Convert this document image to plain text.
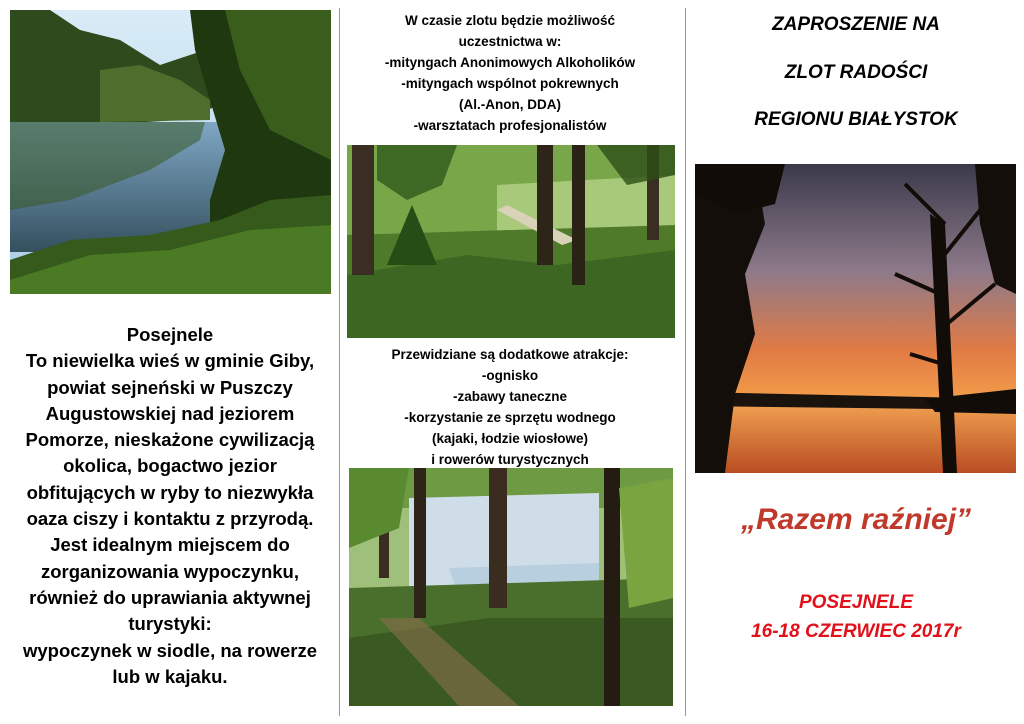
Posejnele
To niewielka wieś w gminie Giby,
powiat sejneński w Puszczy
Augustowskiej nad jeziorem
Pomorze, nieskażone cywilizacją
okolica, bogactwo jezior
obfitujących w ryby to niezwykła
oaza ciszy i kontaktu z przyrodą.
Jest idealnym miejscem do
zorganizowania wypoczynku,
również do uprawiania aktywnej
turystyki:
wypoczynek w siodle, na rowerze
lub w kajaku.
W czasie zlotu będzie możliwość
uczestnictwa w:
-mityngach Anonimowych Alkoholików
-mityngach wspólnot pokrewnych
(Al.-Anon, DDA)
-warsztatach profesjonalistów
Przewidziane są dodatkowe atrakcje:
-ognisko
-zabawy taneczne
-korzystanie ze sprzętu wodnego
(kajaki, łodzie wiosłowe)
i rowerów turystycznych
ZAPROSZENIE NA
ZLOT RADOŚCI
REGIONU BIAŁYSTOK
„Razem raźniej”
POSEJNELE
16-18 CZERWIEC 2017r
